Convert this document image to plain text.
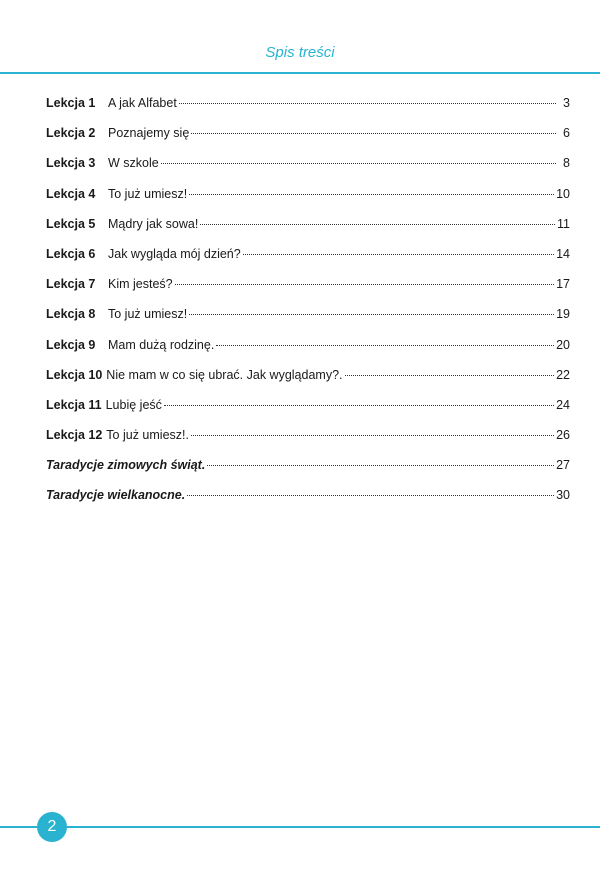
Spis treści
Lekcja 1	A jak Alfabet	3
Lekcja 2	Poznajemy się	6
Lekcja 3	W szkole	8
Lekcja 4	To już umiesz!	10
Lekcja 5	Mądry jak sowa!	11
Lekcja 6	Jak wygląda mój dzień?	14
Lekcja 7	Kim jesteś?	17
Lekcja 8	To już umiesz!	19
Lekcja 9	Mam dużą rodzinę.	20
Lekcja 10 Nie mam w co się ubrać. Jak wyglądamy?.	22
Lekcja 11 Lubię jeść	24
Lekcja 12 To już umiesz!.	26
Taradycje zimowych świąt.	27
Taradycje wielkanocne.	30
2
